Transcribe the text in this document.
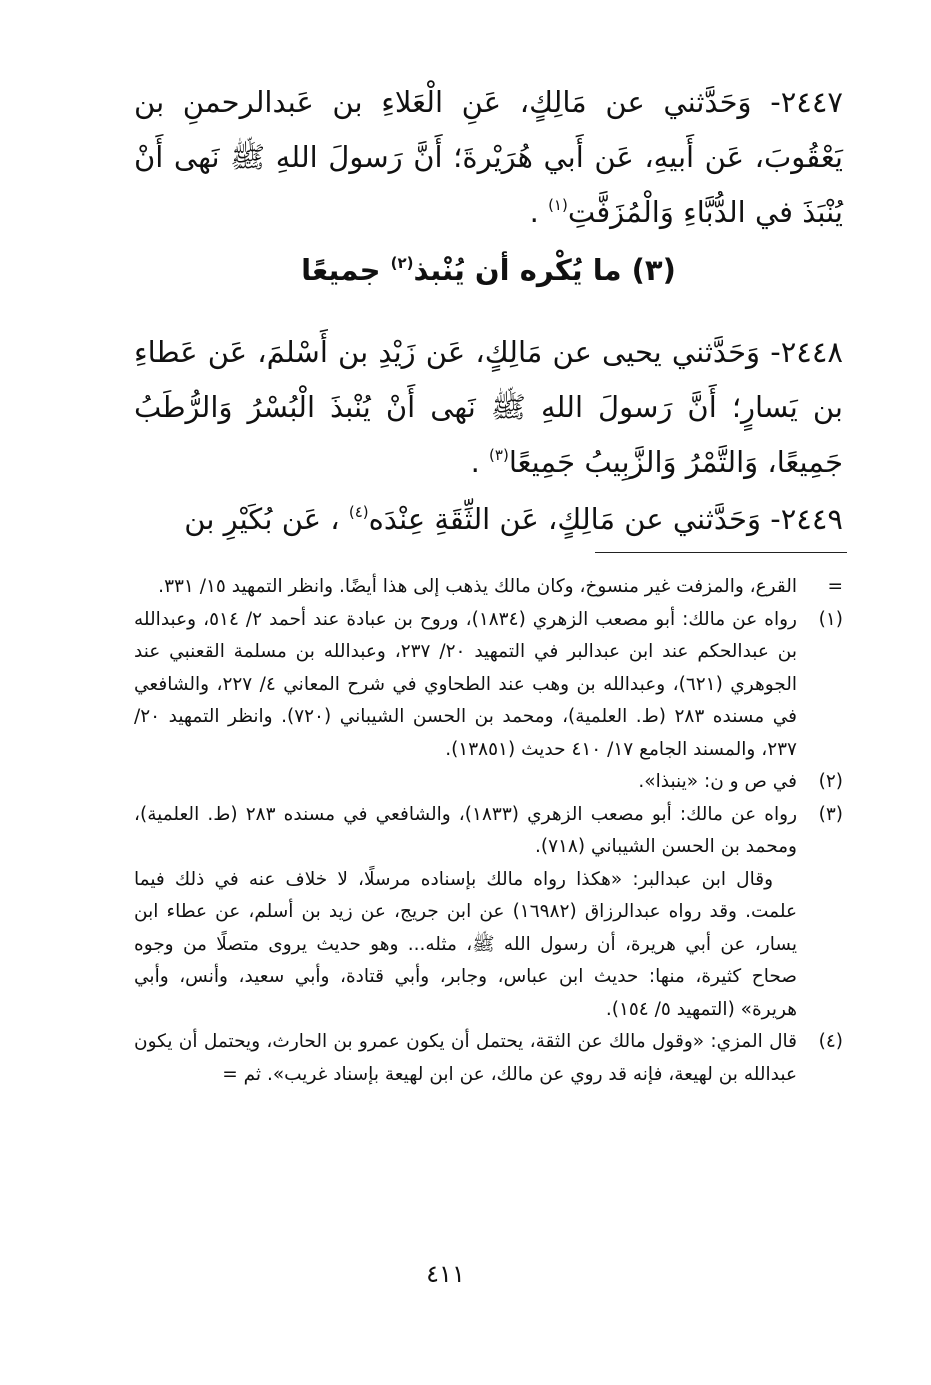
٢٤٤٧- وَحَدَّثني عن مَالِكٍ، عَنِ الْعَلاءِ بن عَبدالرحمنِ بن يَعْقُوبَ، عَن أَبيهِ، عَن أَبي هُرَيْرةَ؛ أَنَّ رَسولَ اللهِ ﷺ نَهى أَنْ يُنْبَذَ في الدُّبَّاءِ وَالْمُزَفَّتِ$^{(١)}$ .

(٣) ما يُكْره أن يُنْبذ$^{(٢)}$ جميعًا

٢٤٤٨- وَحَدَّثني يحيى عن مَالِكٍ، عَن زَيْدِ بن أَسْلمَ، عَن عَطاءِ بن يَسارٍ؛ أَنَّ رَسولَ اللهِ ﷺ نَهى أَنْ يُنْبذَ الْبُسْرُ وَالرُّطَبُ جَمِيعًا، وَالتَّمْرُ وَالزَّبِيبُ جَمِيعًا$^{(٣)}$ .

٢٤٤٩- وَحَدَّثني عن مَالِكٍ، عَن الثِّقَةِ عِنْدَه$^{(٤)}$ ، عَن بُكَيْرِ بن

=
القرع، والمزفت غير منسوخ، وكان مالك يذهب إلى هذا أيضًا. وانظر التمهيد ١٥/ ٣٣١.
(١)
رواه عن مالك: أبو مصعب الزهري (١٨٣٤)، وروح بن عبادة عند أحمد ٢/ ٥١٤، وعبدالله بن عبدالحكم عند ابن عبدالبر في التمهيد ٢٠/ ٢٣٧، وعبدالله بن مسلمة القعنبي عند الجوهري (٦٢١)، وعبدالله بن وهب عند الطحاوي في شرح المعاني ٤/ ٢٢٧، والشافعي في مسنده ٢٨٣ (ط. العلمية)، ومحمد بن الحسن الشيباني (٧٢٠). وانظر التمهيد ٢٠/ ٢٣٧، والمسند الجامع ١٧/ ٤١٠ حديث (١٣٨٥١).
(٢)
في ص و ن: «ينبذا».
(٣)
رواه عن مالك: أبو مصعب الزهري (١٨٣٣)، والشافعي في مسنده ٢٨٣ (ط. العلمية)، ومحمد بن الحسن الشيباني (٧١٨).
وقال ابن عبدالبر: «هكذا رواه مالك بإسناده مرسلًا، لا خلاف عنه في ذلك فيما علمت. وقد رواه عبدالرزاق (١٦٩٨٢) عن ابن جريج، عن زيد بن أسلم، عن عطاء ابن يسار، عن أبي هريرة، أن رسول الله ﷺ، مثله... وهو حديث يروى متصلًا من وجوه صحاح كثيرة، منها: حديث ابن عباس، وجابر، وأبي قتادة، وأبي سعيد، وأنس، وأبي هريرة» (التمهيد ٥/ ١٥٤).
(٤)
قال المزي: «وقول مالك عن الثقة، يحتمل أن يكون عمرو بن الحارث، ويحتمل أن يكون عبدالله بن لهيعة، فإنه قد روي عن مالك، عن ابن لهيعة بإسناد غريب». ثم =
٤١١
